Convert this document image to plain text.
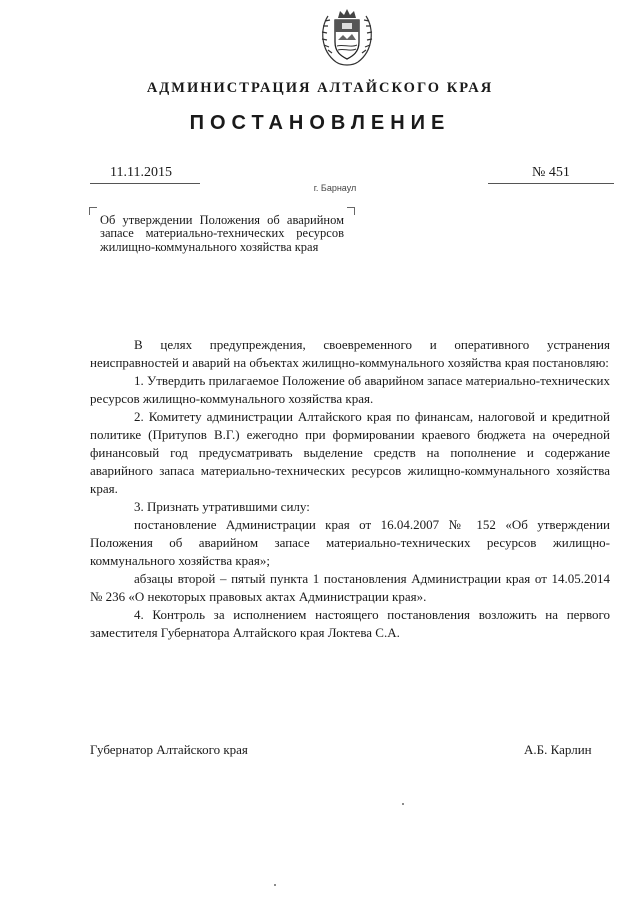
АДМИНИСТРАЦИЯ АЛТАЙСКОГО КРАЯ
ПОСТАНОВЛЕНИЕ
11.11.2015
г. Барнаул
№ 451
Об утверждении Положения об аварийном запасе материально-технических ресурсов жилищно-коммунального хозяйства края

В целях предупреждения, своевременного и оперативного устранения неисправностей и аварий на объектах жилищно-коммунального хозяйства края постановляю:

1. Утвердить прилагаемое Положение об аварийном запасе материально-технических ресурсов жилищно-коммунального хозяйства края.

2. Комитету администрации Алтайского края по финансам, налоговой и кредитной политике (Притупов В.Г.) ежегодно при формировании краевого бюджета на очередной финансовый год предусматривать выделение средств на пополнение и содержание аварийного запаса материально-технических ресурсов жилищно-коммунального хозяйства края.

3. Признать утратившими силу:

постановление Администрации края от 16.04.2007 № 152 «Об утверждении Положения об аварийном запасе материально-технических ресурсов жилищно-коммунального хозяйства края»;

абзацы второй – пятый пункта 1 постановления Администрации края от 14.05.2014 № 236 «О некоторых правовых актах Администрации края».

4. Контроль за исполнением настоящего постановления возложить на первого заместителя Губернатора Алтайского края Локтева С.А.

Губернатор Алтайского края	А.Б. Карлин
